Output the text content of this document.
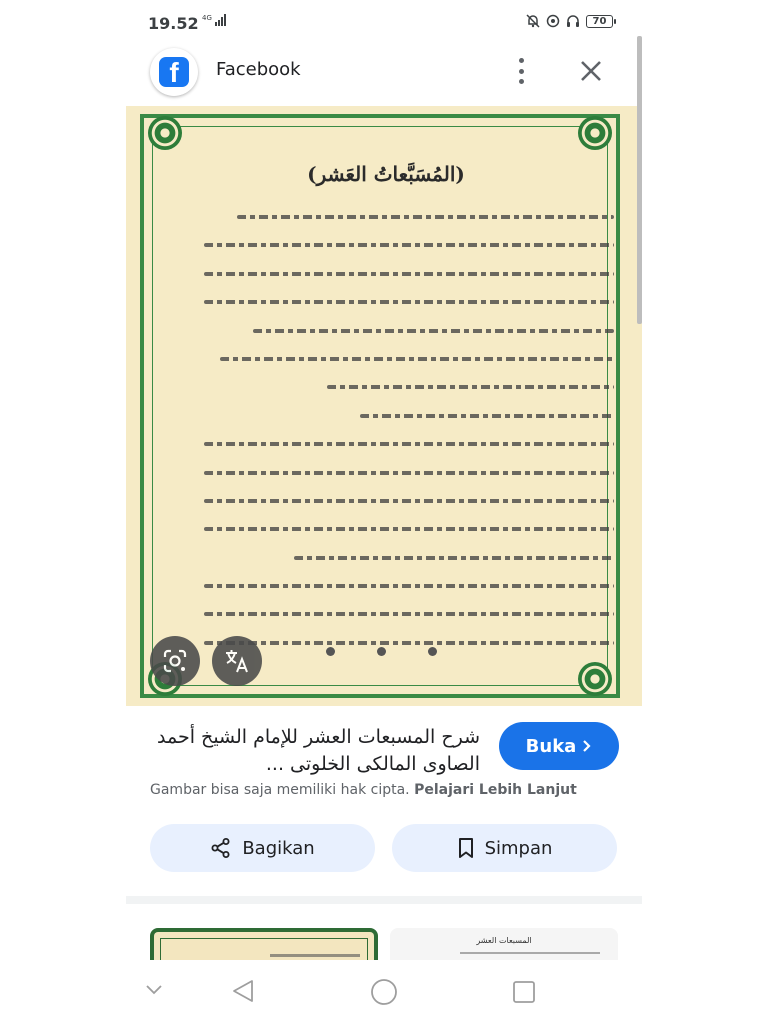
19.52 $^{4G}$	70
f Facebook
(المُسَبَّعاتُ العَشر)
شرح المسبعات العشر للإمام الشيخ أحمد
الصاوى المالكى الخلوتى ...
Buka
Gambar bisa saja memiliki hak cipta. Pelajari Lebih Lanjut
Bagikan	Simpan
المسبعات العشر
